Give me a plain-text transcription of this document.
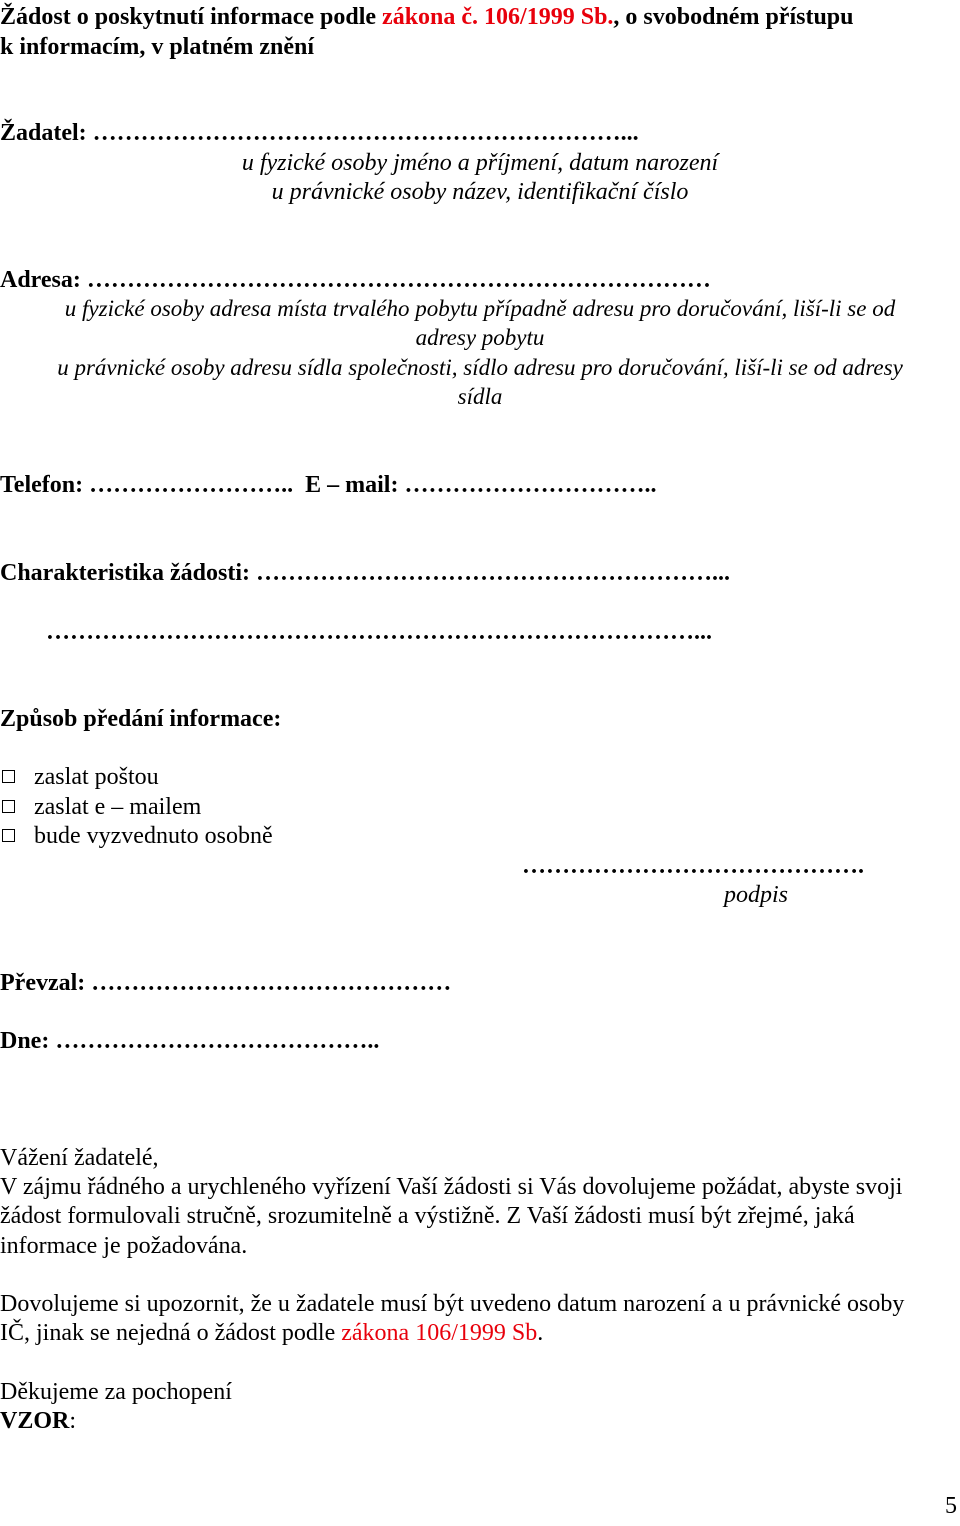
Žádost o poskytnutí informace podle zákona č. 106/1999 Sb., o svobodném přístupu
k informacím, v platném znění
Žadatel: …………………………………………………………...
u fyzické osoby jméno a příjmení, datum narození
u právnické osoby název, identifikační číslo
Adresa: ……………………………………………………………………
u fyzické osoby adresa místa trvalého pobytu případně adresu pro doručování, liší-li se od
adresy pobytu
u právnické osoby adresu sídla společnosti, sídlo adresu pro doručování, liší-li se od adresy
sídla
Telefon: …………………….. E – mail: …………………………..
Charakteristika žádosti: …………………………………………………...
………………………………………………………………………...
Způsob předání informace:
zaslat poštou
zaslat e – mailem
bude vyzvednuto osobně
…………………………………….
podpis
Převzal: ………………………………………
Dne: …………………………………..
Vážení žadatelé,
V zájmu řádného a urychleného vyřízení Vaší žádosti si Vás dovolujeme požádat, abyste svoji
žádost formulovali stručně, srozumitelně a výstižně. Z Vaší žádosti musí být zřejmé, jaká
informace je požadována.
Dovolujeme si upozornit, že u žadatele musí být uvedeno datum narození a u právnické osoby
IČ, jinak se nejedná o žádost podle zákona 106/1999 Sb.
Děkujeme za pochopení
VZOR:
5
